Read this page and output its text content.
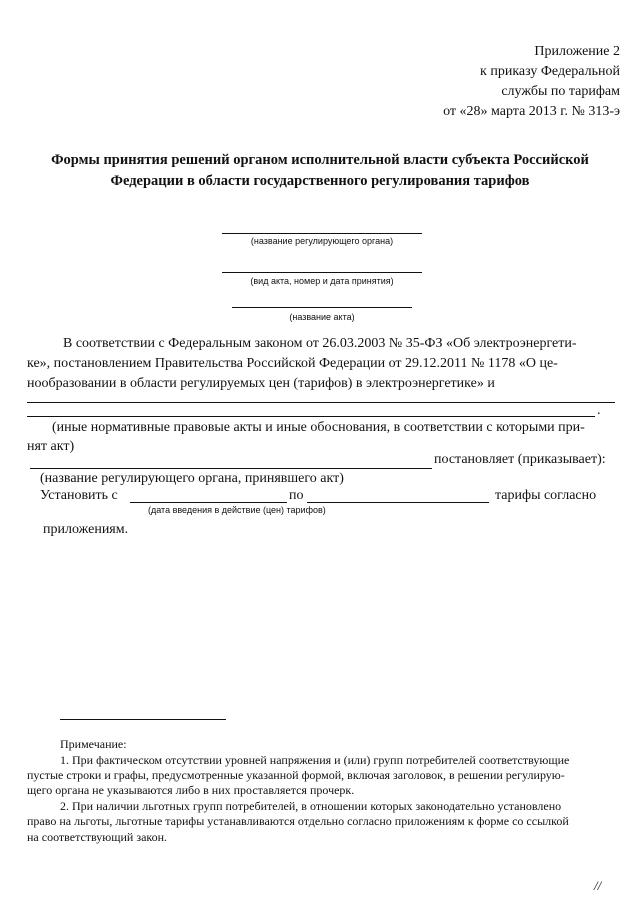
Приложение 2
к приказу Федеральной
службы по тарифам
от «28» марта 2013 г. № 313-э
Формы принятия решений органом исполнительной власти субъекта Российской
Федерации в области государственного регулирования тарифов
(название регулирующего органа)
(вид акта, номер и дата принятия)
(название акта)
В соответствии с Федеральным законом от 26.03.2003 № 35-ФЗ «Об электроэнергети-
ке», постановлением Правительства Российской Федерации от 29.12.2011 № 1178 «О це-
нообразовании в области регулируемых цен (тарифов) в электроэнергетике» и
.
(иные нормативные правовые акты и иные обоснования, в соответствии с которыми при-
нят акт)
постановляет (приказывает):
(название регулирующего органа, принявшего акт)
Установить с	по	тарифы согласно
(дата введения в действие (цен) тарифов)
приложениям.
Примечание:
1. При фактическом отсутствии уровней напряжения и (или) групп потребителей соответствующие
пустые строки и графы, предусмотренные указанной формой, включая заголовок, в решении регулирую-
щего органа не указываются либо в них проставляется прочерк.
2. При наличии льготных групп потребителей, в отношении которых законодательно установлено
право на льготы, льготные тарифы устанавливаются отдельно согласно приложениям к форме со ссылкой
на соответствующий закон.
//
